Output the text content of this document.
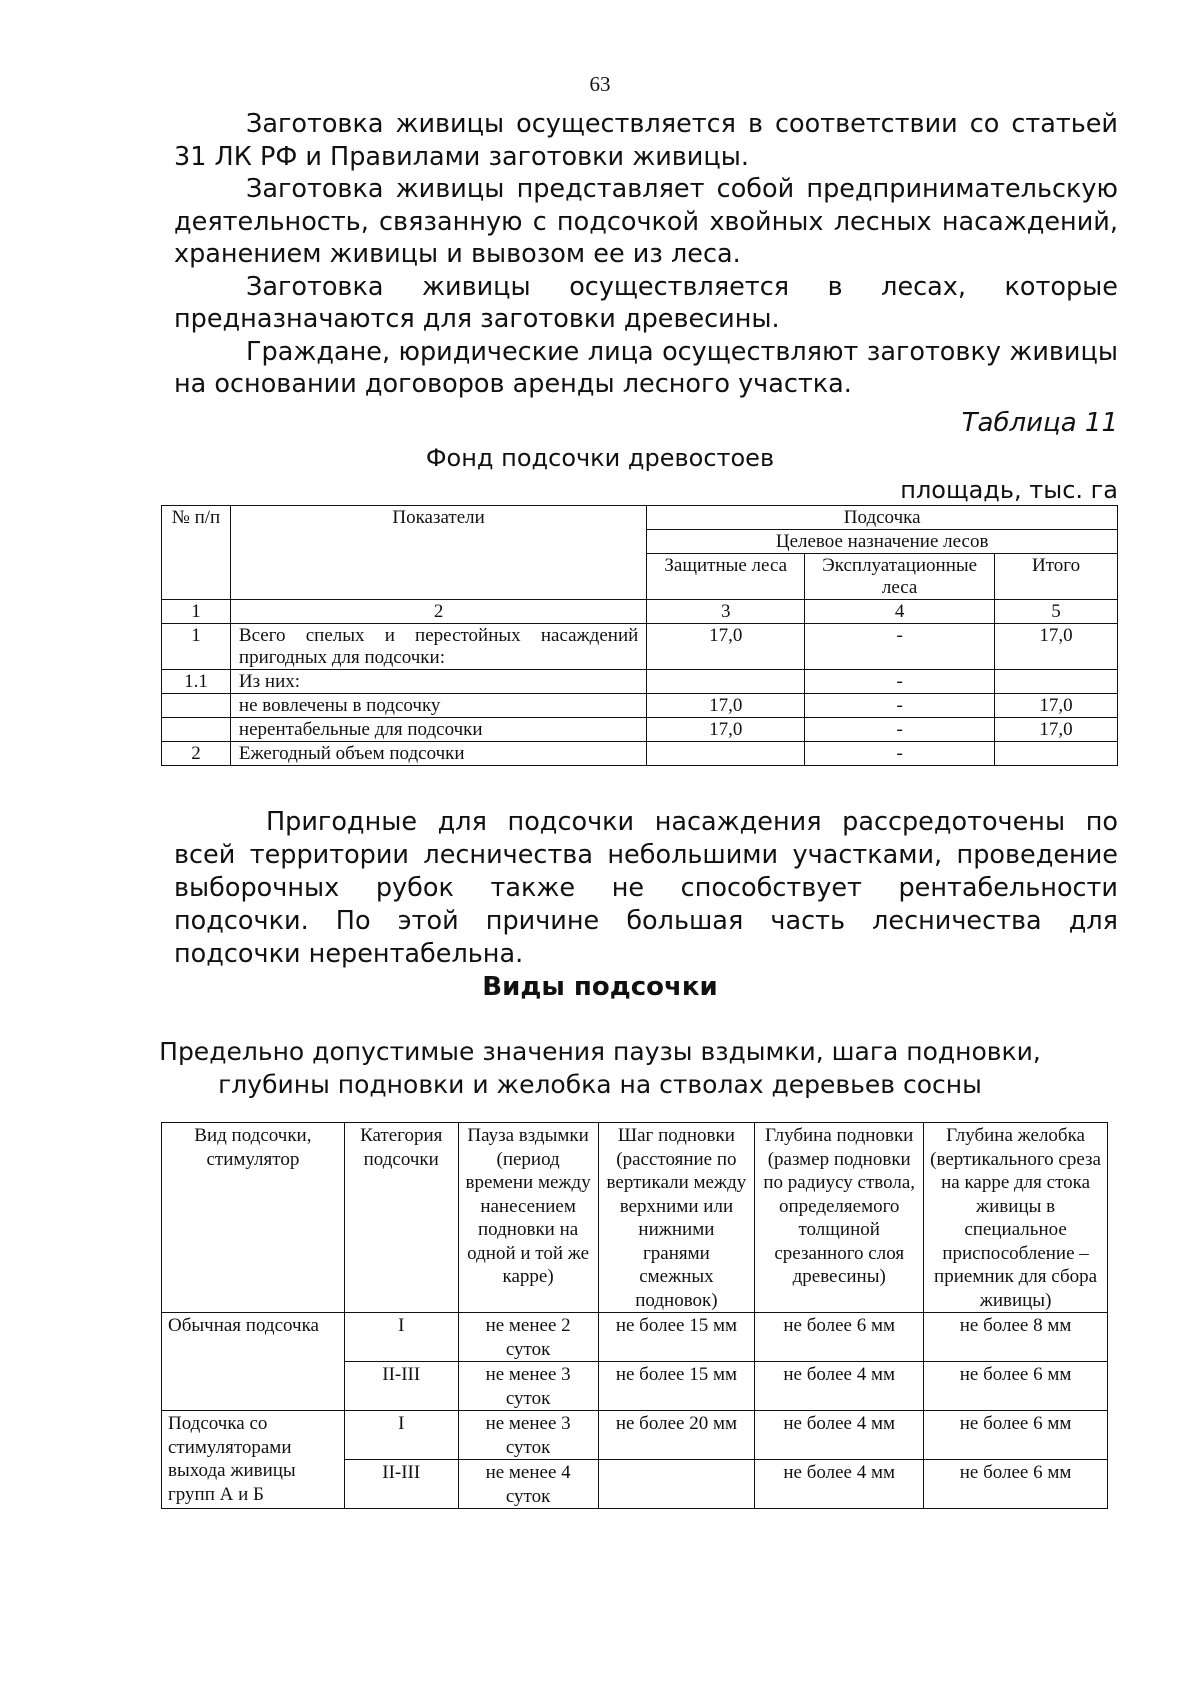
63

Заготовка живицы осуществляется в соответствии со статьей 31 ЛК РФ и Правилами заготовки живицы.

Заготовка живицы представляет собой предпринимательскую деятельность, связанную с подсочкой хвойных лесных насаждений, хранением живицы и вывозом ее из леса.

Заготовка живицы осуществляется в лесах, которые предназначаются для заготовки древесины.

Граждане, юридические лица осуществляют заготовку живицы на основании договоров аренды лесного участка.

Таблица 11
Фонд подсочки древостоев
площадь, тыс. га
№ п/п	Показатели	Подсочка		
		Целевое назначение лесов		
		Защитные леса	Эксплуатационные леса	Итого
1	2	3	4	5
1	Всего спелых и перестойных насаждений пригодных для подсочки:	17,0	-	17,0
1.1	Из них:		-	
	не вовлечены в подсочку	17,0	-	17,0
	нерентабельные для подсочки	17,0	-	17,0
2	Ежегодный объем подсочки		-	

Пригодные для подсочки насаждения рассредоточены по всей территории лесничества небольшими участками, проведение выборочных рубок также не способствует рентабельности подсочки. По этой причине большая часть лесничества для подсочки нерентабельна.

Виды подсочки
Предельно допустимые значения паузы вздымки, шага подновки,
глубины подновки и желобка на стволах деревьев сосны
Вид подсочки, стимулятор	Категория подсочки	Пауза вздымки (период времени между нанесением подновки на одной и той же карре)	Шаг подновки (расстояние по вертикали между верхними или нижними гранями смежных подновок)	Глубина подновки (размер подновки по радиусу ствола, определяемого толщиной срезанного слоя древесины)	Глубина желобка (вертикального среза на карре для стока живицы в специальное приспособление –приемник для сбора живицы)
Обычная подсочка	I	не менее 2 суток	не более 15 мм	не более 6 мм	не более 8 мм
	II-III	не менее 3 суток	не более 15 мм	не более 4 мм	не более 6 мм
Подсочка со стимуляторами выхода живицы групп А и Б	I	не менее 3 суток	не более 20 мм	не более 4 мм	не более 6 мм
	II-III	не менее 4 суток		не более 4 мм	не более 6 мм
